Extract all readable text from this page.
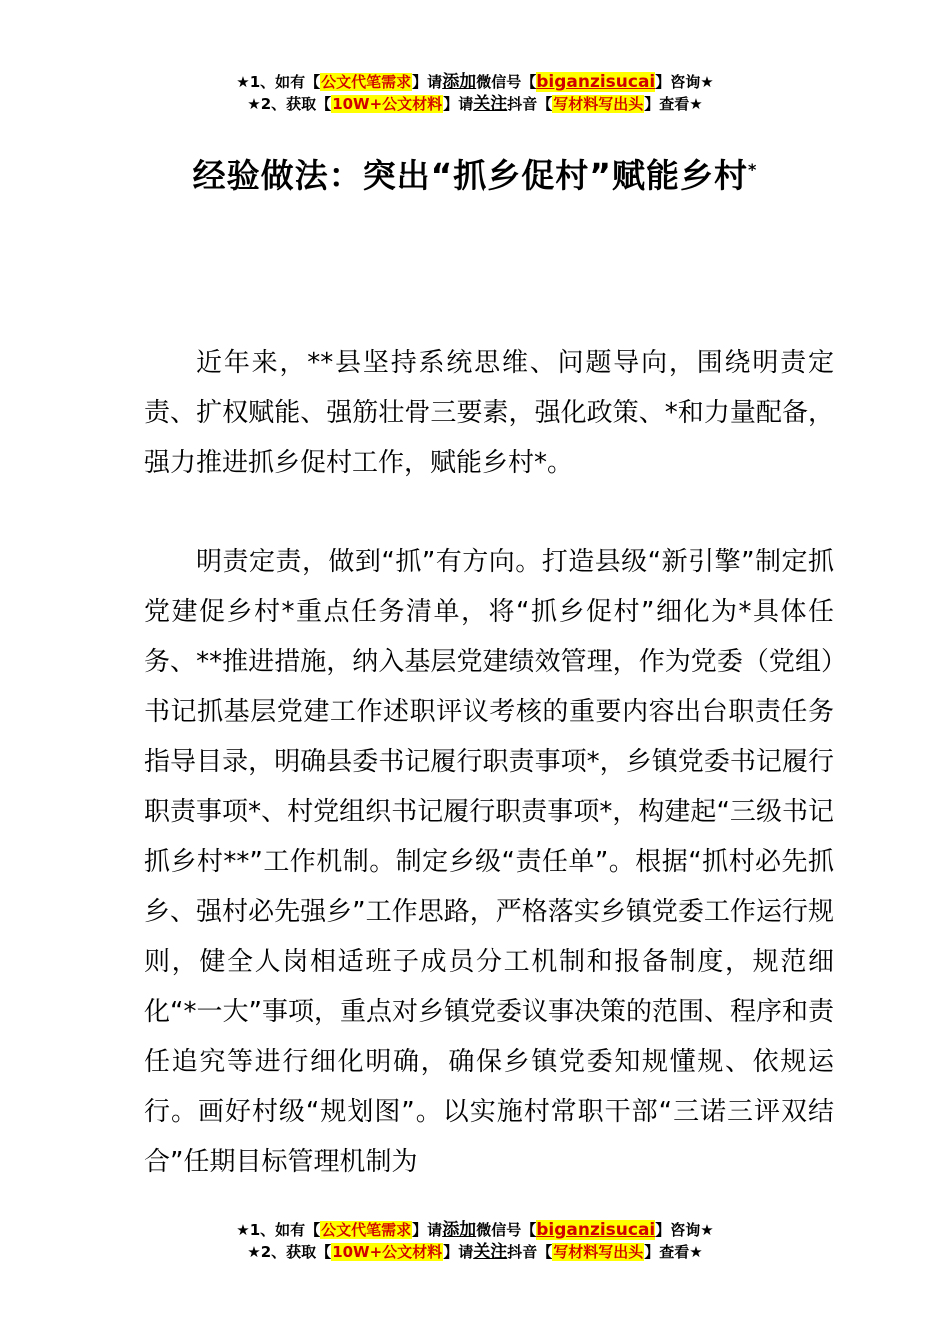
★1、如有【公文代笔需求】请添加微信号【biganzisucai】咨询★
★2、获取【10W+公文材料】请关注抖音【写材料写出头】查看★
经验做法：突出“抓乡促村”赋能乡村*

近年来，**县坚持系统思维、问题导向，围绕明责定责、扩权赋能、强筋壮骨三要素，强化政策、*和力量配备，强力推进抓乡促村工作，赋能乡村*。

明责定责，做到“抓”有方向。打造县级“新引擎”制定抓党建促乡村*重点任务清单，将“抓乡促村”细化为*具体任务、**推进措施，纳入基层党建绩效管理，作为党委（党组）书记抓基层党建工作述职评议考核的重要内容出台职责任务指导目录，明确县委书记履行职责事项*，乡镇党委书记履行职责事项*、村党组织书记履行职责事项*，构建起“三级书记抓乡村**”工作机制。制定乡级“责任单”。根据“抓村必先抓乡、强村必先强乡”工作思路，严格落实乡镇党委工作运行规则，健全人岗相适班子成员分工机制和报备制度，规范细化“*一大”事项，重点对乡镇党委议事决策的范围、程序和责任追究等进行细化明确，确保乡镇党委知规懂规、依规运行。画好村级“规划图”。以实施村常职干部“三诺三评双结合”任期目标管理机制为

★1、如有【公文代笔需求】请添加微信号【biganzisucai】咨询★
★2、获取【10W+公文材料】请关注抖音【写材料写出头】查看★
